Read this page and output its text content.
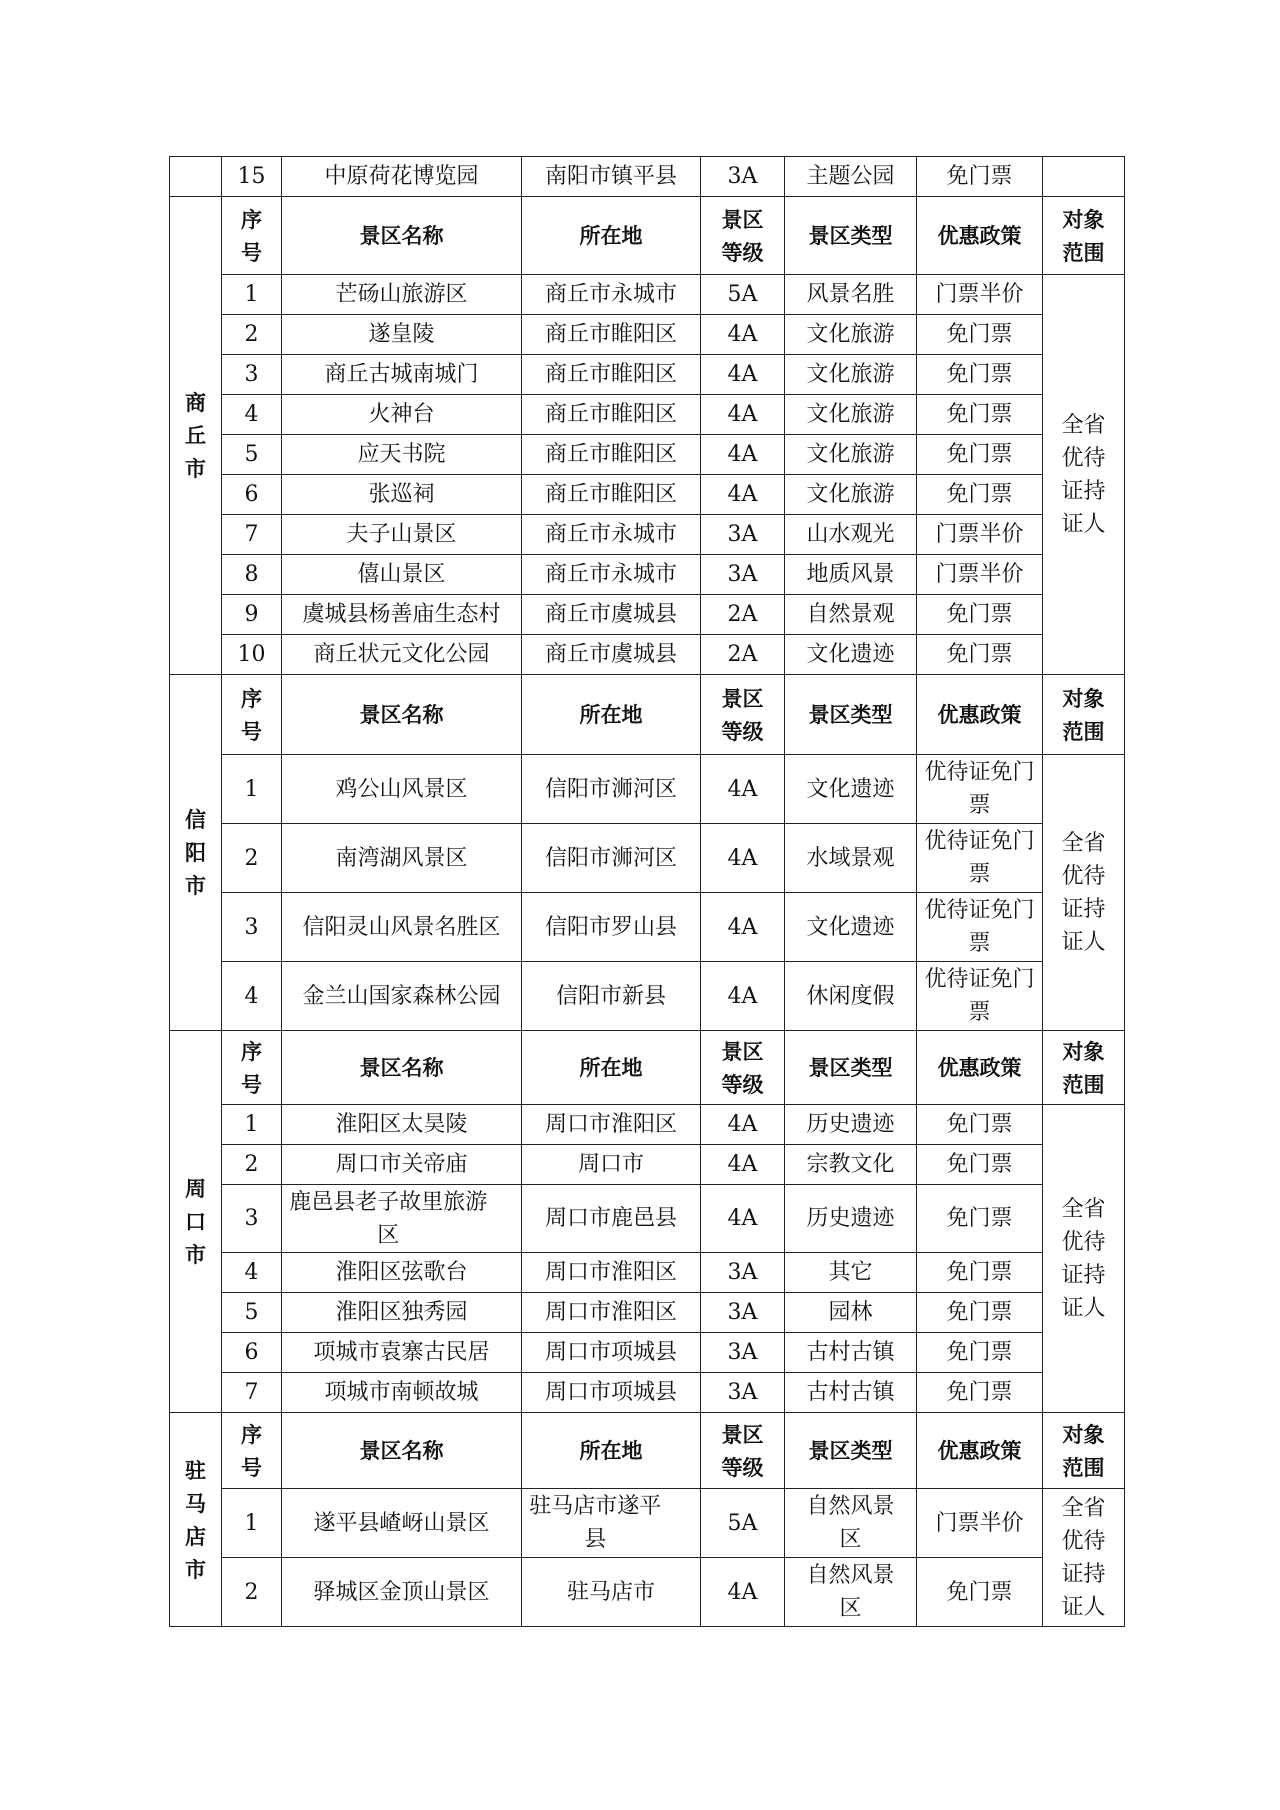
	15	中原荷花博览园	南阳市镇平县	3A	主题公园	免门票	

商丘市	序号	景区名称	所在地	景区等级	景区类型	优惠政策	对象范围

	1	芒砀山旅游区	商丘市永城市	5A	风景名胜	门票半价	全省优待证持证人

	2	遂皇陵	商丘市睢阳区	4A	文化旅游	免门票	
	3	商丘古城南城门	商丘市睢阳区	4A	文化旅游	免门票	
	4	火神台	商丘市睢阳区	4A	文化旅游	免门票	
	5	应天书院	商丘市睢阳区	4A	文化旅游	免门票	
	6	张巡祠	商丘市睢阳区	4A	文化旅游	免门票	
	7	夫子山景区	商丘市永城市	3A	山水观光	门票半价	
	8	僖山景区	商丘市永城市	3A	地质风景	门票半价	
	9	虞城县杨善庙生态村	商丘市虞城县	2A	自然景观	免门票	
	10	商丘状元文化公园	商丘市虞城县	2A	文化遗迹	免门票	

信阳市	序号	景区名称	所在地	景区等级	景区类型	优惠政策	对象范围

	1	鸡公山风景区	信阳市浉河区	4A	文化遗迹	优待证免门票	全省优待证持证人

	2	南湾湖风景区	信阳市浉河区	4A	水域景观	优待证免门票	

	3	信阳灵山风景名胜区	信阳市罗山县	4A	文化遗迹	优待证免门票	

	4	金兰山国家森林公园	信阳市新县	4A	休闲度假	优待证免门票	

周口市	序号	景区名称	所在地	景区等级	景区类型	优惠政策	对象范围

	1	淮阳区太昊陵	周口市淮阳区	4A	历史遗迹	免门票	全省优待证持证人

	2	周口市关帝庙	周口市	4A	宗教文化	免门票	
	3	鹿邑县老子故里旅游区	周口市鹿邑县	4A	历史遗迹	免门票	
	4	淮阳区弦歌台	周口市淮阳区	3A	其它	免门票	
	5	淮阳区独秀园	周口市淮阳区	3A	园林	免门票	
	6	项城市袁寨古民居	周口市项城县	3A	古村古镇	免门票	
	7	项城市南顿故城	周口市项城县	3A	古村古镇	免门票	

驻马店市	序号	景区名称	所在地	景区等级	景区类型	优惠政策	对象范围

	1	遂平县嵖岈山景区	驻马店市遂平县	5A	自然风景区	门票半价	全省优待证持证人

	2	驿城区金顶山景区	驻马店市	4A	自然风景区	免门票	
